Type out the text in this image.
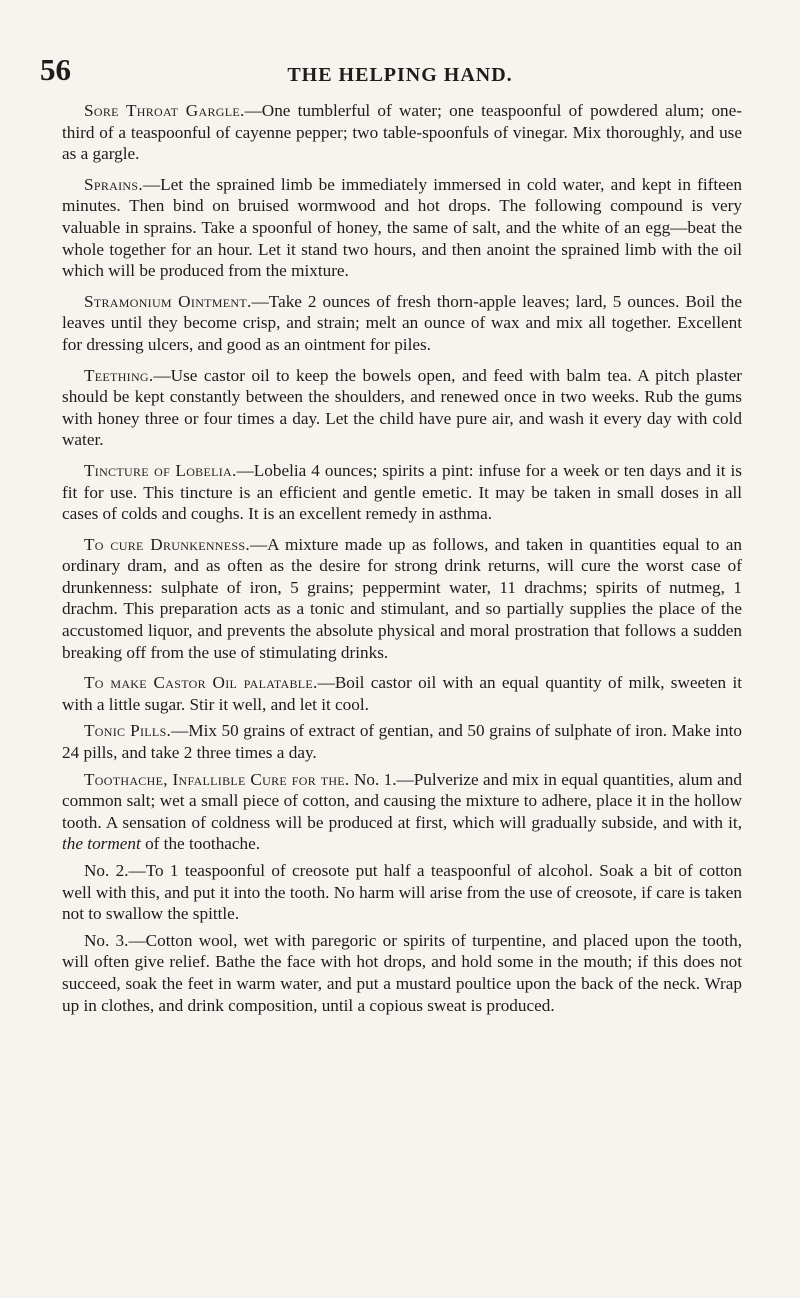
56	THE HELPING HAND.

Sore Throat Gargle.—One tumblerful of water; one teaspoonful of powdered alum; one-third of a teaspoonful of cayenne pepper; two table-spoonfuls of vinegar. Mix thoroughly, and use as a gargle.

Sprains.—Let the sprained limb be immediately immersed in cold water, and kept in fifteen minutes. Then bind on bruised wormwood and hot drops. The following compound is very valuable in sprains. Take a spoonful of honey, the same of salt, and the white of an egg—beat the whole together for an hour. Let it stand two hours, and then anoint the sprained limb with the oil which will be produced from the mixture.

Stramonium Ointment.—Take 2 ounces of fresh thorn-apple leaves; lard, 5 ounces. Boil the leaves until they become crisp, and strain; melt an ounce of wax and mix all together. Excellent for dressing ulcers, and good as an ointment for piles.

Teething.—Use castor oil to keep the bowels open, and feed with balm tea. A pitch plaster should be kept constantly between the shoulders, and renewed once in two weeks. Rub the gums with honey three or four times a day. Let the child have pure air, and wash it every day with cold water.

Tincture of Lobelia.—Lobelia 4 ounces; spirits a pint: infuse for a week or ten days and it is fit for use. This tincture is an efficient and gentle emetic. It may be taken in small doses in all cases of colds and coughs. It is an excellent remedy in asthma.

To cure Drunkenness.—A mixture made up as follows, and taken in quantities equal to an ordinary dram, and as often as the desire for strong drink returns, will cure the worst case of drunkenness: sulphate of iron, 5 grains; peppermint water, 11 drachms; spirits of nutmeg, 1 drachm. This preparation acts as a tonic and stimulant, and so partially supplies the place of the accustomed liquor, and prevents the absolute physical and moral prostration that follows a sudden breaking off from the use of stimulating drinks.

To make Castor Oil palatable.—Boil castor oil with an equal quantity of milk, sweeten it with a little sugar. Stir it well, and let it cool.

Tonic Pills.—Mix 50 grains of extract of gentian, and 50 grains of sulphate of iron. Make into 24 pills, and take 2 three times a day.

Toothache, Infallible Cure for the. No. 1.—Pulverize and mix in equal quantities, alum and common salt; wet a small piece of cotton, and causing the mixture to adhere, place it in the hollow tooth. A sensation of coldness will be produced at first, which will gradually subside, and with it, the torment of the toothache.

No. 2.—To 1 teaspoonful of creosote put half a teaspoonful of alcohol. Soak a bit of cotton well with this, and put it into the tooth. No harm will arise from the use of creosote, if care is taken not to swallow the spittle.

No. 3.—Cotton wool, wet with paregoric or spirits of turpentine, and placed upon the tooth, will often give relief. Bathe the face with hot drops, and hold some in the mouth; if this does not succeed, soak the feet in warm water, and put a mustard poultice upon the back of the neck. Wrap up in clothes, and drink composition, until a copious sweat is produced.
